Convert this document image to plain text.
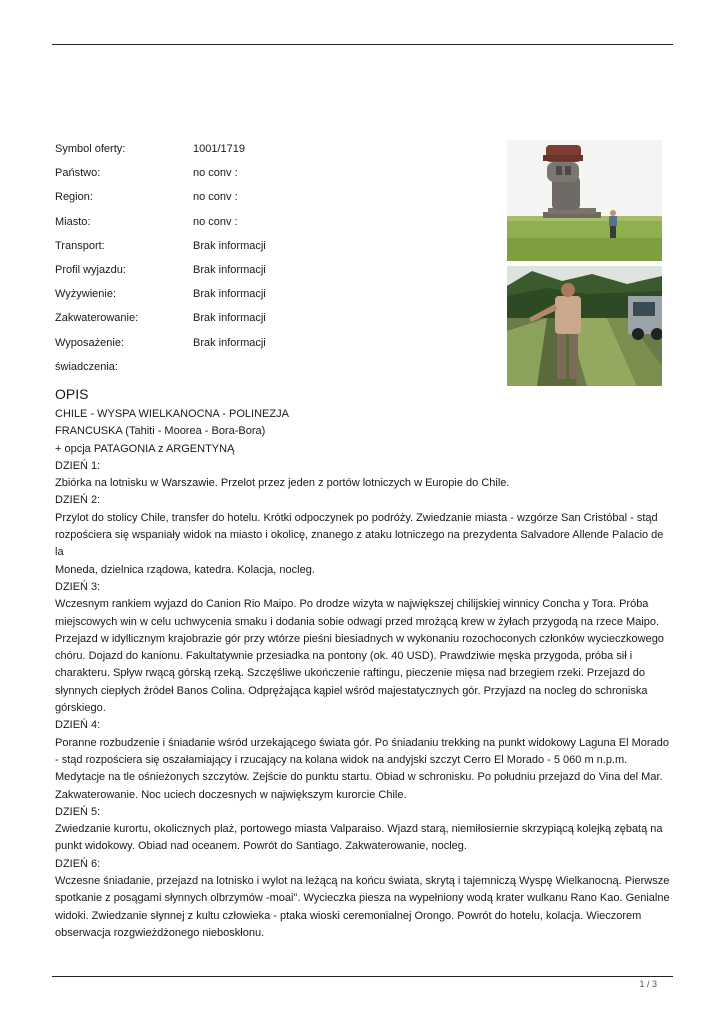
Symbol oferty:	1001/1719
Państwo:	no conv :
Region:	no conv :
Miasto:	no conv :
Transport:	Brak informacji
Profil wyjazdu:	Brak informacji
Wyżywienie:	Brak informacji
Zakwaterowanie:	Brak informacji
Wyposażenie:	Brak informacji
świadczenia:
OPIS

CHILE - WYSPA WIELKANOCNA - POLINEZJA

FRANCUSKA (Tahiti - Moorea - Bora-Bora)

+ opcja PATAGONIA z ARGENTYNĄ

DZIEŃ 1:

Zbiórka na lotnisku w Warszawie. Przelot przez jeden z portów lotniczych w Europie do Chile.

DZIEŃ 2:

Przylot do stolicy Chile, transfer do hotelu. Krótki odpoczynek po podróży. Zwiedzanie miasta - wzgórze San Cristóbal - stąd

rozpościera się wspaniały widok na miasto i okolicę, znanego z ataku lotniczego na prezydenta Salvadore Allende Palacio de la

Moneda, dzielnica rządowa, katedra. Kolacja, nocleg.

DZIEŃ 3:

Wczesnym rankiem wyjazd do Canion Rio Maipo. Po drodze wizyta w największej chilijskiej winnicy Concha y Tora. Próba

miejscowych win w celu uchwycenia smaku i dodania sobie odwagi przed mrożącą krew w żyłach przygodą na rzece Maipo.

Przejazd w idyllicznym krajobrazie gór przy wtórze pieśni biesiadnych w wykonaniu rozochoconych członków wycieczkowego

chóru. Dojazd do kanionu. Fakultatywnie przesiadka na pontony (ok. 40 USD). Prawdziwie męska przygoda, próba sił i

charakteru. Spływ rwącą górską rzeką. Szczęśliwe ukończenie raftingu, pieczenie mięsa nad brzegiem rzeki. Przejazd do

słynnych ciepłych źródeł Banos Colina. Odprężająca kąpiel wśród majestatycznych gór. Przyjazd na nocleg do schroniska

górskiego.

DZIEŃ 4:

Poranne rozbudzenie i śniadanie wśród urzekającego świata gór. Po śniadaniu trekking na punkt widokowy Laguna El Morado

- stąd rozpościera się oszałamiający i rzucający na kolana widok na andyjski szczyt Cerro El Morado - 5 060 m n.p.m.

Medytacje na tle ośnieżonych szczytów. Zejście do punktu startu. Obiad w schronisku. Po południu przejazd do Vina del Mar.

Zakwaterowanie. Noc uciech doczesnych w największym kurorcie Chile.

DZIEŃ 5:

Zwiedzanie kurortu, okolicznych plaż, portowego miasta Valparaiso. Wjazd starą, niemiłosiernie skrzypiącą kolejką zębatą na

punkt widokowy. Obiad nad oceanem. Powrót do Santiago. Zakwaterowanie, nocleg.

DZIEŃ 6:

Wczesne śniadanie, przejazd na lotnisko i wylot na leżącą na końcu świata, skrytą i tajemniczą Wyspę Wielkanocną. Pierwsze

spotkanie z posągami słynnych olbrzymów -moai". Wycieczka piesza na wypełniony wodą krater wulkanu Rano Kao. Genialne

widoki. Zwiedzanie słynnej z kultu człowieka - ptaka wioski ceremonialnej Orongo. Powrót do hotelu, kolacja. Wieczorem

obserwacja rozgwieżdżonego nieboskłonu.

1 / 3
